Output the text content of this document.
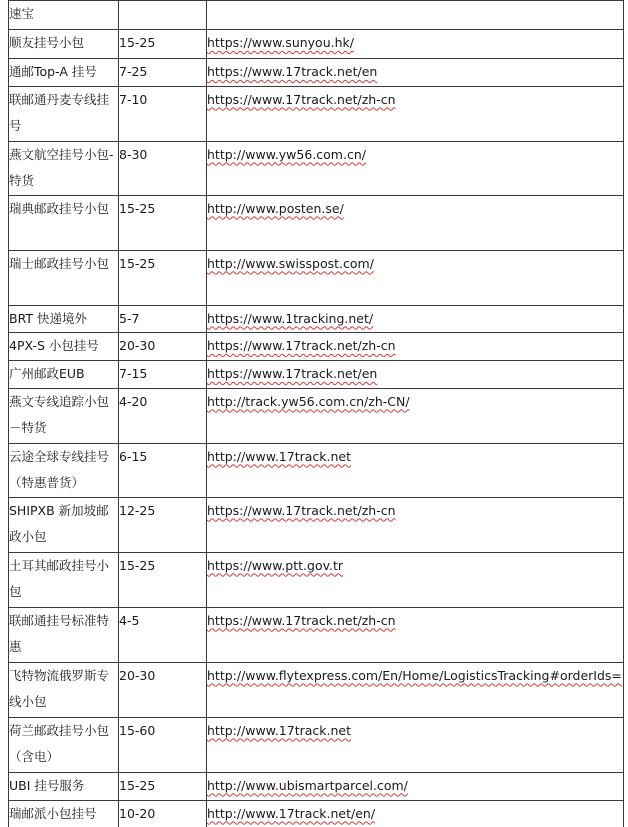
速宝		
顺友挂号小包	15-25	https://www.sunyou.hk/
通邮Top-A 挂号	7-25	https://www.17track.net/en
联邮通丹麦专线挂号	7-10	https://www.17track.net/zh-cn
燕文航空挂号小包-特货	8-30	http://www.yw56.com.cn/
瑞典邮政挂号小包	15-25	http://www.posten.se/
瑞士邮政挂号小包	15-25	http://www.swisspost.com/
BRT 快递境外	5-7	https://www.1tracking.net/
4PX-S 小包挂号	20-30	https://www.17track.net/zh-cn
广州邮政EUB	7-15	https://www.17track.net/en
燕文专线追踪小包－特货	4-20	http://track.yw56.com.cn/zh-CN/
云途全球专线挂号（特惠普货）	6-15	http://www.17track.net
SHIPXB 新加坡邮政小包	12-25	https://www.17track.net/zh-cn
土耳其邮政挂号小包	15-25	https://www.ptt.gov.tr
联邮通挂号标准特惠	4-5	https://www.17track.net/zh-cn
飞特物流俄罗斯专线小包	20-30	http://www.flytexpress.com/En/Home/LogisticsTracking#orderIds=
荷兰邮政挂号小包（含电）	15-60	http://www.17track.net
UBI 挂号服务	15-25	http://www.ubismartparcel.com/
瑞邮派小包挂号	10-20	http://www.17track.net/en/
